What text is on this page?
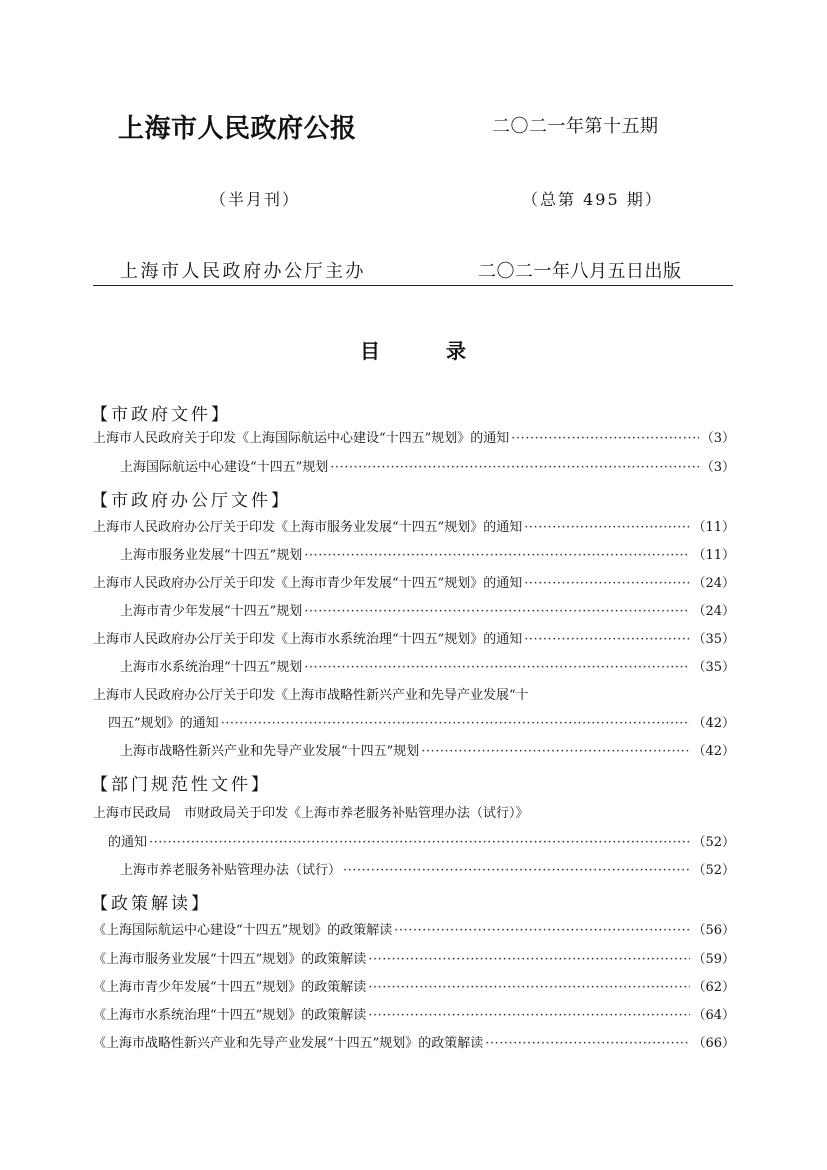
上海市人民政府公报	二〇二一年第十五期
（半月刊）	（总第 495 期）
上海市人民政府办公厅主办	二〇二一年八月五日出版
目录
【市政府文件】
上海市人民政府关于印发《上海国际航运中心建设“十四五”规划》的通知 ·····	（3）
上海国际航运中心建设“十四五”规划 ·····	（3）
【市政府办公厅文件】
上海市人民政府办公厅关于印发《上海市服务业发展“十四五”规划》的通知 ·····	（11）
上海市服务业发展“十四五”规划 ·····	（11）
上海市人民政府办公厅关于印发《上海市青少年发展“十四五”规划》的通知 ·····	（24）
上海市青少年发展“十四五”规划 ·····	（24）
上海市人民政府办公厅关于印发《上海市水系统治理“十四五”规划》的通知 ·····	（35）
上海市水系统治理“十四五”规划 ·····	（35）
上海市人民政府办公厅关于印发《上海市战略性新兴产业和先导产业发展“十
四五”规划》的通知 ·····	（42）
上海市战略性新兴产业和先导产业发展“十四五”规划 ·····	（42）
【部门规范性文件】
上海市民政局　市财政局关于印发《上海市养老服务补贴管理办法（试行）》
的通知 ·····	（52）
上海市养老服务补贴管理办法（试行） ·····	（52）
【政策解读】
《上海国际航运中心建设“十四五”规划》的政策解读 ·····	（56）
《上海市服务业发展“十四五”规划》的政策解读 ·····	（59）
《上海市青少年发展“十四五”规划》的政策解读 ·····	（62）
《上海市水系统治理“十四五”规划》的政策解读 ·····	（64）
《上海市战略性新兴产业和先导产业发展“十四五”规划》的政策解读 ·····	（66）
